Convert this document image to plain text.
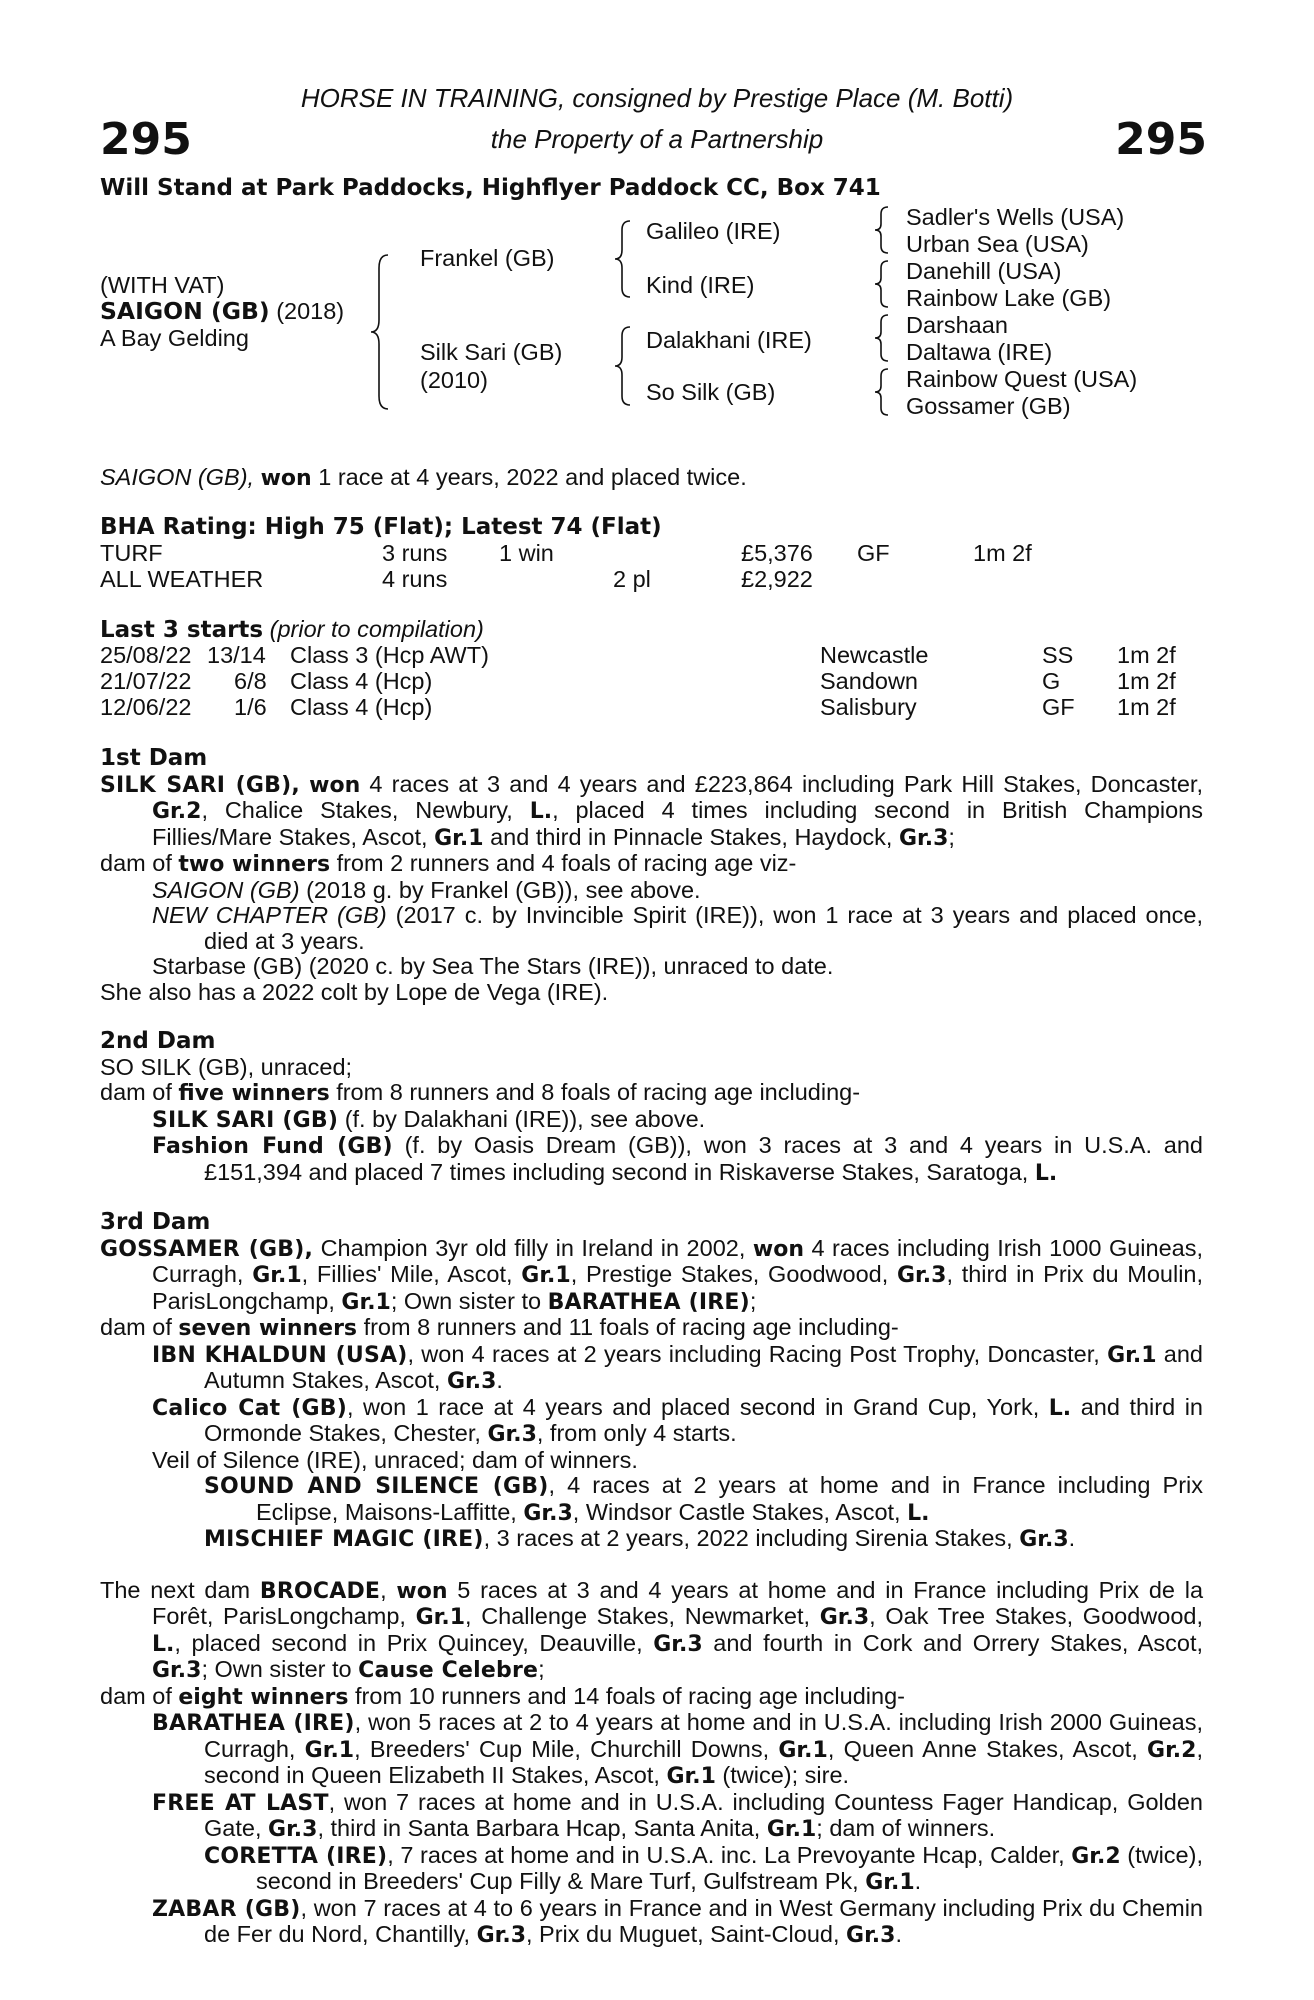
295	295
HORSE IN TRAINING, consigned by Prestige Place (M. Botti)
the Property of a Partnership
Will Stand at Park Paddocks, Highflyer Paddock CC, Box 741
(WITH VAT)
SAIGON (GB) (2018)
A Bay Gelding
Frankel (GB)
Silk Sari (GB)
(2010)
Galileo (IRE)
Kind (IRE)
Dalakhani (IRE)
So Silk (GB)
Sadler's Wells (USA)
Urban Sea (USA)
Danehill (USA)
Rainbow Lake (GB)
Darshaan
Daltawa (IRE)
Rainbow Quest (USA)
Gossamer (GB)
SAIGON (GB), won 1 race at 4 years, 2022 and placed twice.
BHA Rating: High 75 (Flat); Latest 74 (Flat)
TURF	3 runs 1 win	£5,376 GF	1m 2f
ALL WEATHER	4 runs	2 pl	£2,922
Last 3 starts (prior to compilation)
25/08/22 13/14 Class 3 (Hcp AWT)	Newcastle	SS 1m 2f
21/07/22 6/8 Class 4 (Hcp)	Sandown	G 1m 2f
12/06/22 1/6 Class 4 (Hcp)	Salisbury	GF 1m 2f

1st Dam

SILK SARI (GB), won 4 races at 3 and 4 years and £223,864 including Park Hill Stakes, Doncaster, Gr.2, Chalice Stakes, Newbury, L., placed 4 times including second in British Champions Fillies/Mare Stakes, Ascot, Gr.1 and third in Pinnacle Stakes, Haydock, Gr.3;

dam of two winners from 2 runners and 4 foals of racing age viz-

SAIGON (GB) (2018 g. by Frankel (GB)), see above.

NEW CHAPTER (GB) (2017 c. by Invincible Spirit (IRE)), won 1 race at 3 years and placed once, died at 3 years.

Starbase (GB) (2020 c. by Sea The Stars (IRE)), unraced to date.

She also has a 2022 colt by Lope de Vega (IRE).

2nd Dam

SO SILK (GB), unraced;

dam of five winners from 8 runners and 8 foals of racing age including-

SILK SARI (GB) (f. by Dalakhani (IRE)), see above.

Fashion Fund (GB) (f. by Oasis Dream (GB)), won 3 races at 3 and 4 years in U.S.A. and £151,394 and placed 7 times including second in Riskaverse Stakes, Saratoga, L.

3rd Dam

GOSSAMER (GB), Champion 3yr old filly in Ireland in 2002, won 4 races including Irish 1000 Guineas, Curragh, Gr.1, Fillies' Mile, Ascot, Gr.1, Prestige Stakes, Goodwood, Gr.3, third in Prix du Moulin, ParisLongchamp, Gr.1; Own sister to BARATHEA (IRE);

dam of seven winners from 8 runners and 11 foals of racing age including-

IBN KHALDUN (USA), won 4 races at 2 years including Racing Post Trophy, Doncaster, Gr.1 and Autumn Stakes, Ascot, Gr.3.

Calico Cat (GB), won 1 race at 4 years and placed second in Grand Cup, York, L. and third in Ormonde Stakes, Chester, Gr.3, from only 4 starts.

Veil of Silence (IRE), unraced; dam of winners.

SOUND AND SILENCE (GB), 4 races at 2 years at home and in France including Prix Eclipse, Maisons-Laffitte, Gr.3, Windsor Castle Stakes, Ascot, L.

MISCHIEF MAGIC (IRE), 3 races at 2 years, 2022 including Sirenia Stakes, Gr.3.

The next dam BROCADE, won 5 races at 3 and 4 years at home and in France including Prix de la Forêt, ParisLongchamp, Gr.1, Challenge Stakes, Newmarket, Gr.3, Oak Tree Stakes, Goodwood, L., placed second in Prix Quincey, Deauville, Gr.3 and fourth in Cork and Orrery Stakes, Ascot, Gr.3; Own sister to Cause Celebre;

dam of eight winners from 10 runners and 14 foals of racing age including-

BARATHEA (IRE), won 5 races at 2 to 4 years at home and in U.S.A. including Irish 2000 Guineas, Curragh, Gr.1, Breeders' Cup Mile, Churchill Downs, Gr.1, Queen Anne Stakes, Ascot, Gr.2, second in Queen Elizabeth II Stakes, Ascot, Gr.1 (twice); sire.

FREE AT LAST, won 7 races at home and in U.S.A. including Countess Fager Handicap, Golden Gate, Gr.3, third in Santa Barbara Hcap, Santa Anita, Gr.1; dam of winners.

CORETTA (IRE), 7 races at home and in U.S.A. inc. La Prevoyante Hcap, Calder, Gr.2 (twice), second in Breeders' Cup Filly & Mare Turf, Gulfstream Pk, Gr.1.

ZABAR (GB), won 7 races at 4 to 6 years in France and in West Germany including Prix du Chemin de Fer du Nord, Chantilly, Gr.3, Prix du Muguet, Saint-Cloud, Gr.3.
